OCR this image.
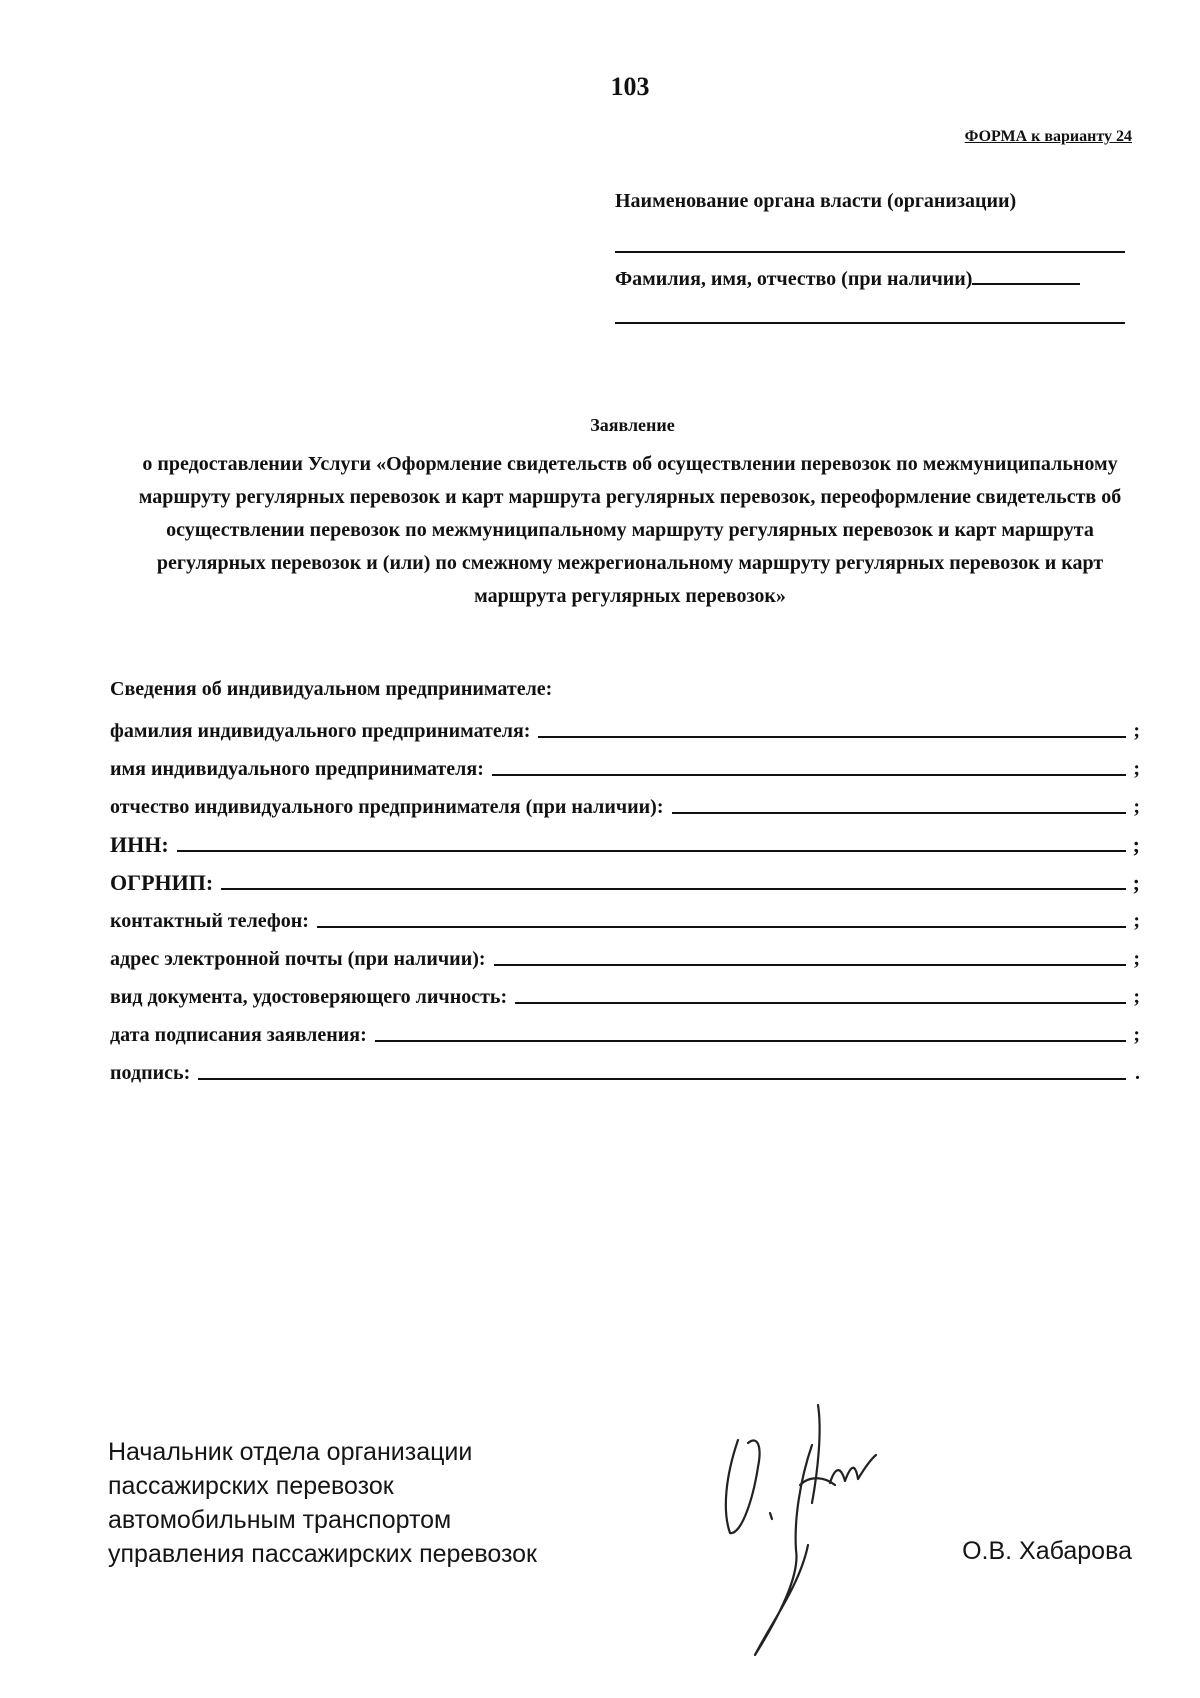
103
ФОРМА к варианту 24
Наименование органа власти (организации)
Фамилия, имя, отчество (при наличии)
Заявление
о предоставлении Услуги «Оформление свидетельств об осуществлении перевозок по межмуниципальному маршруту регулярных перевозок и карт маршрута регулярных перевозок, переоформление свидетельств об осуществлении перевозок по межмуниципальному маршруту регулярных перевозок и карт маршрута регулярных перевозок и (или) по смежному межрегиональному маршруту регулярных перевозок и карт маршрута регулярных перевозок»
Сведения об индивидуальном предпринимателе:
фамилия индивидуального предпринимателя:	;
имя индивидуального предпринимателя:	;
отчество индивидуального предпринимателя (при наличии):	;
ИНН:	;
ОГРНИП:	;
контактный телефон:	;
адрес электронной почты (при наличии):	;
вид документа, удостоверяющего личность:	;
дата подписания заявления:	;
подпись:	.
Начальник отдела организации
пассажирских перевозок
автомобильным транспортом
управления пассажирских перевозок	О.В. Хабарова
